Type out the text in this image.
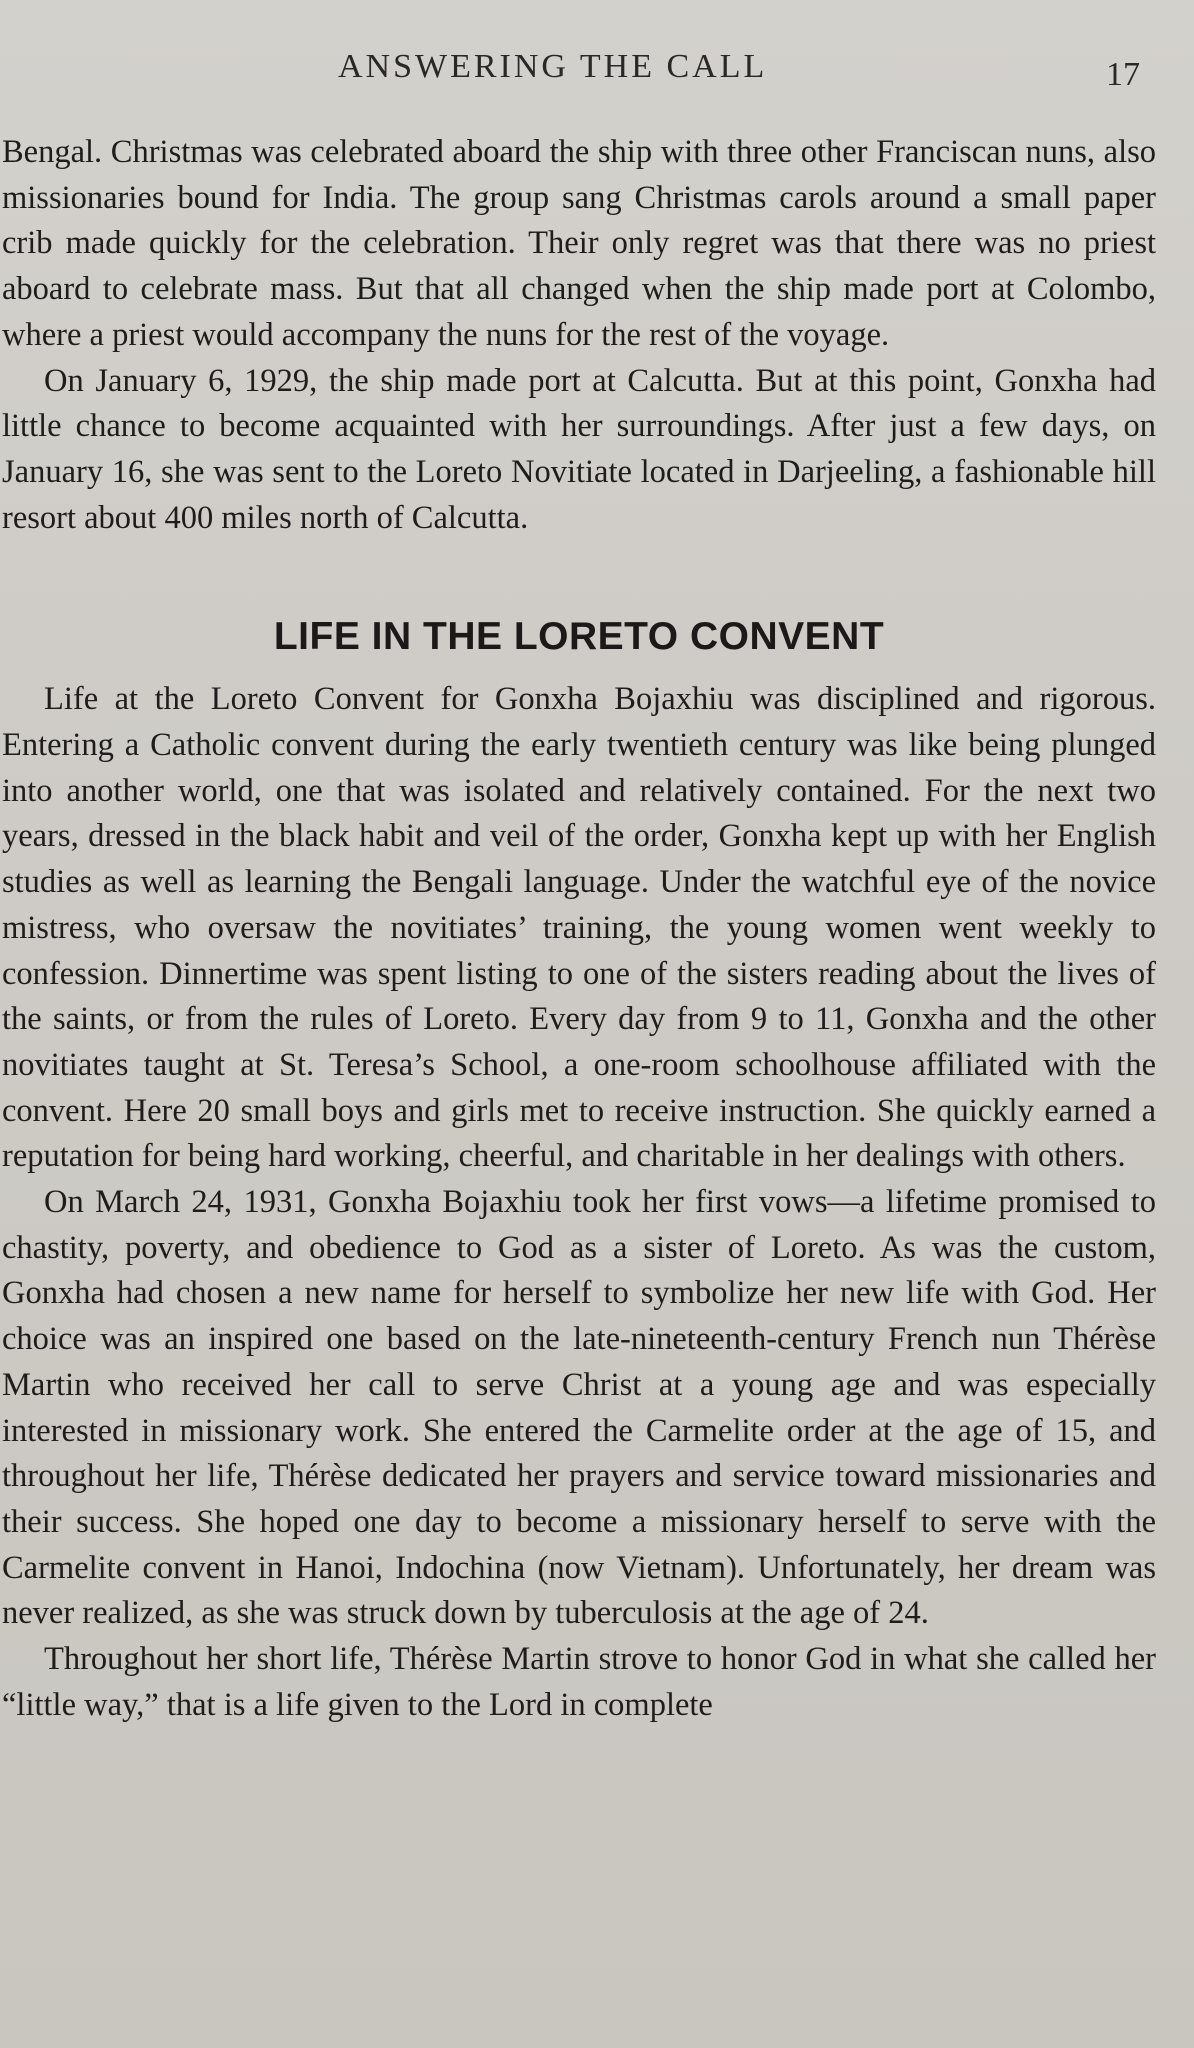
ANSWERING THE CALL	17

Bengal. Christmas was celebrated aboard the ship with three other Franciscan nuns, also missionaries bound for India. The group sang Christmas carols around a small paper crib made quickly for the celebration. Their only regret was that there was no priest aboard to celebrate mass. But that all changed when the ship made port at Colombo, where a priest would accompany the nuns for the rest of the voyage.

On January 6, 1929, the ship made port at Calcutta. But at this point, Gonxha had little chance to become acquainted with her surroundings. After just a few days, on January 16, she was sent to the Loreto Novitiate located in Darjeeling, a fashionable hill resort about 400 miles north of Calcutta.

LIFE IN THE LORETO CONVENT

Life at the Loreto Convent for Gonxha Bojaxhiu was disciplined and rigorous. Entering a Catholic convent during the early twentieth century was like being plunged into another world, one that was isolated and relatively contained. For the next two years, dressed in the black habit and veil of the order, Gonxha kept up with her English studies as well as learning the Bengali language. Under the watchful eye of the novice mistress, who oversaw the novitiates’ training, the young women went weekly to confession. Dinnertime was spent listing to one of the sisters reading about the lives of the saints, or from the rules of Loreto. Every day from 9 to 11, Gonxha and the other novitiates taught at St. Teresa’s School, a one-room schoolhouse affiliated with the convent. Here 20 small boys and girls met to receive instruction. She quickly earned a reputation for being hard working, cheerful, and charitable in her dealings with others.

On March 24, 1931, Gonxha Bojaxhiu took her first vows—a lifetime promised to chastity, poverty, and obedience to God as a sister of Loreto. As was the custom, Gonxha had chosen a new name for herself to symbolize her new life with God. Her choice was an inspired one based on the late-nineteenth-century French nun Thérèse Martin who received her call to serve Christ at a young age and was especially interested in missionary work. She entered the Carmelite order at the age of 15, and throughout her life, Thérèse dedicated her prayers and service toward missionaries and their success. She hoped one day to become a missionary herself to serve with the Carmelite convent in Hanoi, Indochina (now Vietnam). Unfortunately, her dream was never realized, as she was struck down by tuberculosis at the age of 24.

Throughout her short life, Thérèse Martin strove to honor God in what she called her “little way,” that is a life given to the Lord in complete
